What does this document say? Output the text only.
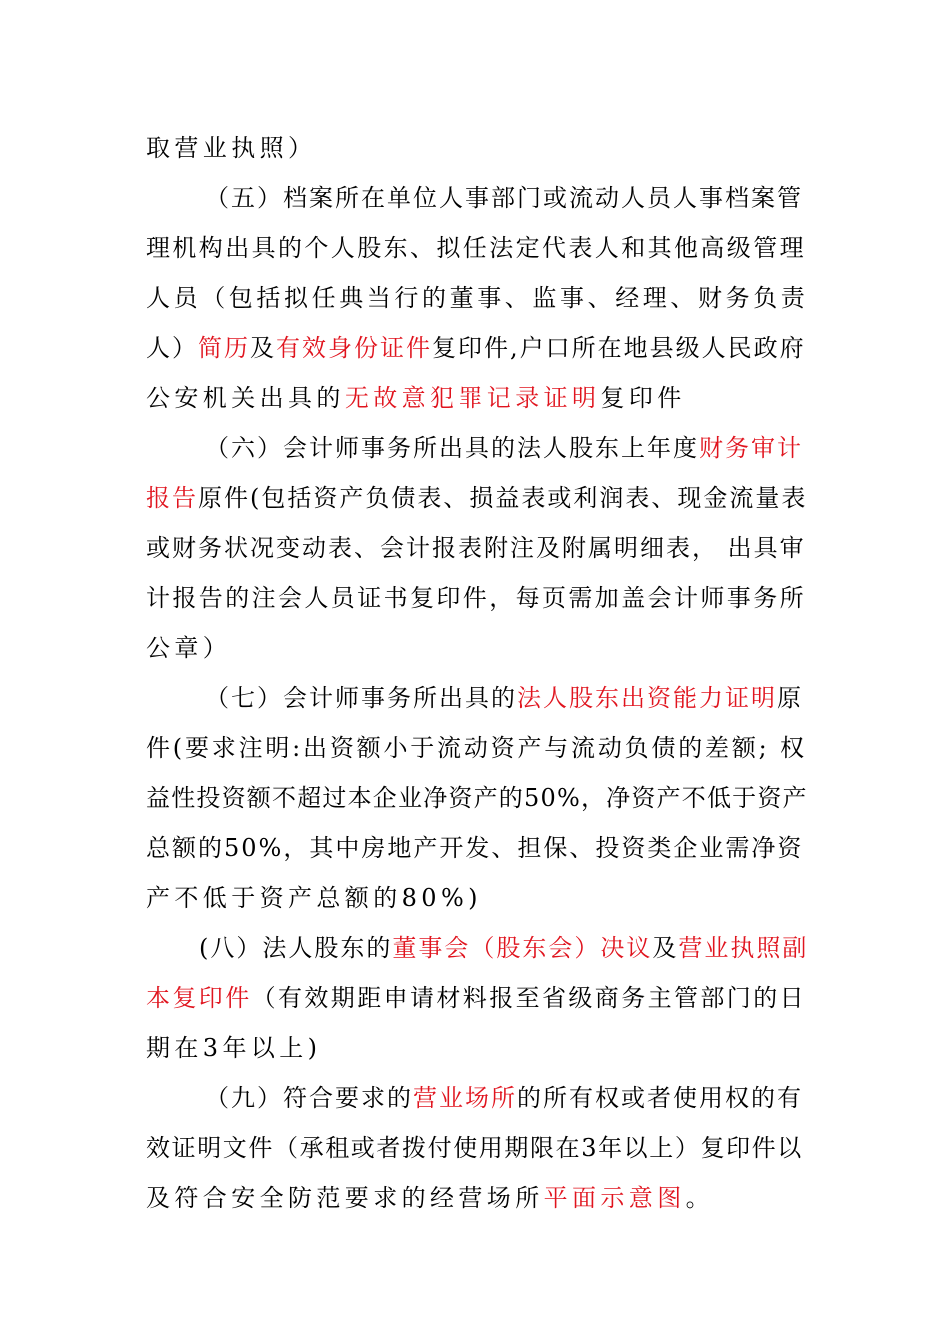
取营业执照）
（五）档案所在单位人事部门或流动人员人事档案管
理机构出具的个人股东、拟任法定代表人和其他高级管理
人员（包括拟任典当行的董事、监事、经理、财务负责
人）简历及有效身份证件复印件,户口所在地县级人民政府
公安机关出具的无故意犯罪记录证明复印件
（六）会计师事务所出具的法人股东上年度财务审计
报告原件(包括资产负债表、损益表或利润表、现金流量表
或财务状况变动表、会计报表附注及附属明细表， 出具审
计报告的注会人员证书复印件，每页需加盖会计师事务所
公章）
（七）会计师事务所出具的法人股东出资能力证明原
件(要求注明:出资额小于流动资产与流动负债的差额; 权
益性投资额不超过本企业净资产的50%，净资产不低于资产
总额的50%，其中房地产开发、担保、投资类企业需净资
产不低于资产总额的80%)
(八）法人股东的董事会（股东会）决议及营业执照副
本复印件（有效期距申请材料报至省级商务主管部门的日
期在3年以上)
（九）符合要求的营业场所的所有权或者使用权的有
效证明文件（承租或者拨付使用期限在3年以上）复印件以
及符合安全防范要求的经营场所平面示意图。
